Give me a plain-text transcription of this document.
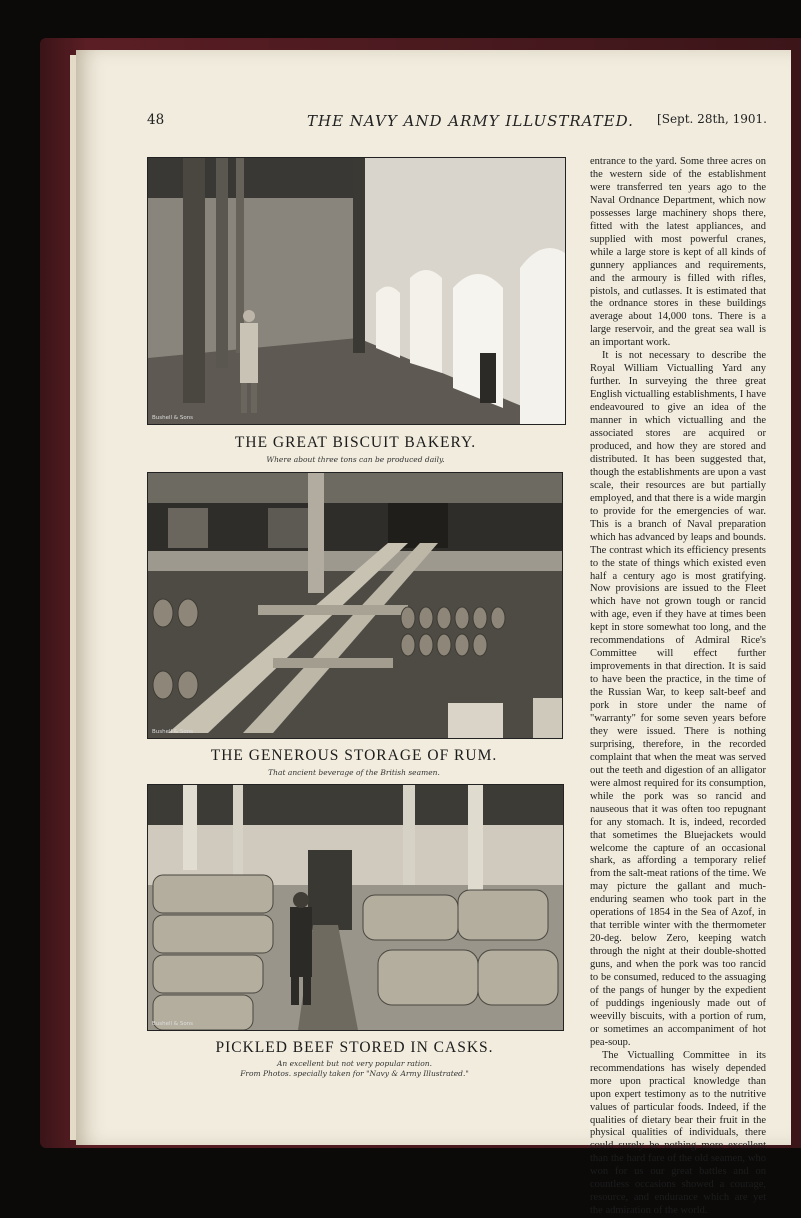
48	THE NAVY AND ARMY ILLUSTRATED. [Sept. 28th, 1901.
Bushell & Sons
THE GREAT BISCUIT BAKERY.
Where about three tons can be produced daily.
Bushell & Sons
THE GENEROUS STORAGE OF RUM.
That ancient beverage of the British seamen.
Bushell & Sons
PICKLED BEEF STORED IN CASKS.
An excellent but not very popular ration.
From Photos. specially taken for "Navy & Army Illustrated."

entrance to the yard. Some three acres on the western side of the establishment were transferred ten years ago to the Naval Ordnance Department, which now possesses large machinery shops there, fitted with the latest appliances, and supplied with most powerful cranes, while a large store is kept of all kinds of gunnery appliances and requirements, and the armoury is filled with rifles, pistols, and cutlasses. It is estimated that the ordnance stores in these buildings average about 14,000 tons. There is a large reservoir, and the great sea wall is an important work.

It is not necessary to describe the Royal William Victualling Yard any further. In surveying the three great English victualling establishments, I have endeavoured to give an idea of the manner in which victualling and the associated stores are acquired or produced, and how they are stored and distributed. It has been suggested that, though the establishments are upon a vast scale, their resources are but partially employed, and that there is a wide margin to provide for the emergencies of war. This is a branch of Naval preparation which has advanced by leaps and bounds. The contrast which its efficiency presents to the state of things which existed even half a century ago is most gratifying. Now provisions are issued to the Fleet which have not grown tough or rancid with age, even if they have at times been kept in store somewhat too long, and the recommendations of Admiral Rice's Committee will effect further improvements in that direction. It is said to have been the practice, in the time of the Russian War, to keep salt-beef and pork in store under the name of "warranty" for some seven years before they were issued. There is nothing surprising, therefore, in the recorded complaint that when the meat was served out the teeth and digestion of an alligator were almost required for its consumption, while the pork was so rancid and nauseous that it was often too repugnant for any stomach. It is, indeed, recorded that sometimes the Bluejackets would welcome the capture of an occasional shark, as affording a temporary relief from the salt-meat rations of the time. We may picture the gallant and much-enduring seamen who took part in the operations of 1854 in the Sea of Azof, in that terrible winter with the thermometer 20-deg. below Zero, keeping watch through the night at their double-shotted guns, and when the pork was too rancid to be consumed, reduced to the assuaging of the pangs of hunger by the expedient of puddings ingeniously made out of weevilly biscuits, with a portion of rum, or sometimes an accompaniment of hot pea-soup.

The Victualling Committee in its recommendations has wisely depended more upon practical knowledge than upon expert testimony as to the nutritive values of particular foods. Indeed, if the qualities of dietary bear their fruit in the physical qualities of individuals, there could surely be nothing more excellent than the hard fare of the old seamen, who won for us our great battles and on countless occasions showed a courage, resource, and endurance which are yet the admiration of the world.
